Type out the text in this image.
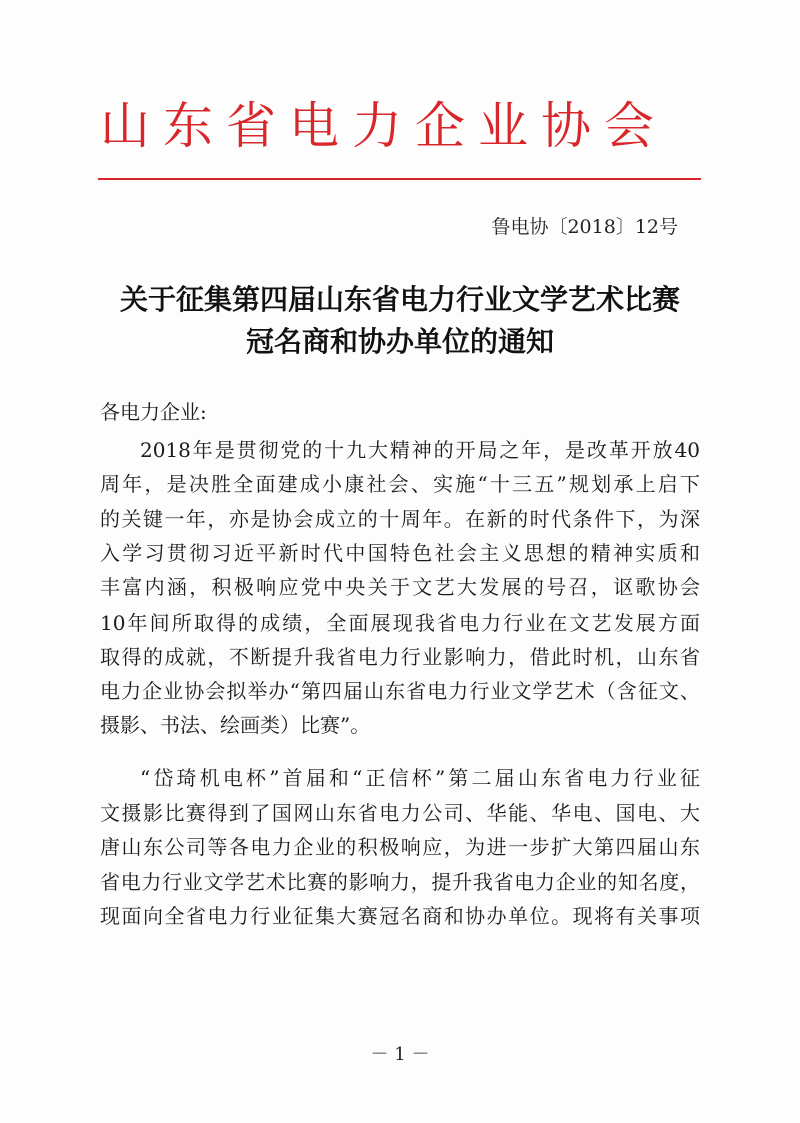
山东省电力企业协会
鲁电协〔2018〕12号
关于征集第四届山东省电力行业文学艺术比赛
冠名商和协办单位的通知
各电力企业:
2018年是贯彻党的十九大精神的开局之年，是改革开放40
周年，是决胜全面建成小康社会、实施“十三五”规划承上启下
的关键一年，亦是协会成立的十周年。在新的时代条件下，为深
入学习贯彻习近平新时代中国特色社会主义思想的精神实质和
丰富内涵，积极响应党中央关于文艺大发展的号召，讴歌协会
10年间所取得的成绩，全面展现我省电力行业在文艺发展方面
取得的成就，不断提升我省电力行业影响力，借此时机，山东省
电力企业协会拟举办“第四届山东省电力行业文学艺术（含征文、
摄影、书法、绘画类）比赛”。
“岱琦机电杯”首届和“正信杯”第二届山东省电力行业征
文摄影比赛得到了国网山东省电力公司、华能、华电、国电、大
唐山东公司等各电力企业的积极响应，为进一步扩大第四届山东
省电力行业文学艺术比赛的影响力，提升我省电力企业的知名度，
现面向全省电力行业征集大赛冠名商和协办单位。现将有关事项
－ 1 －
